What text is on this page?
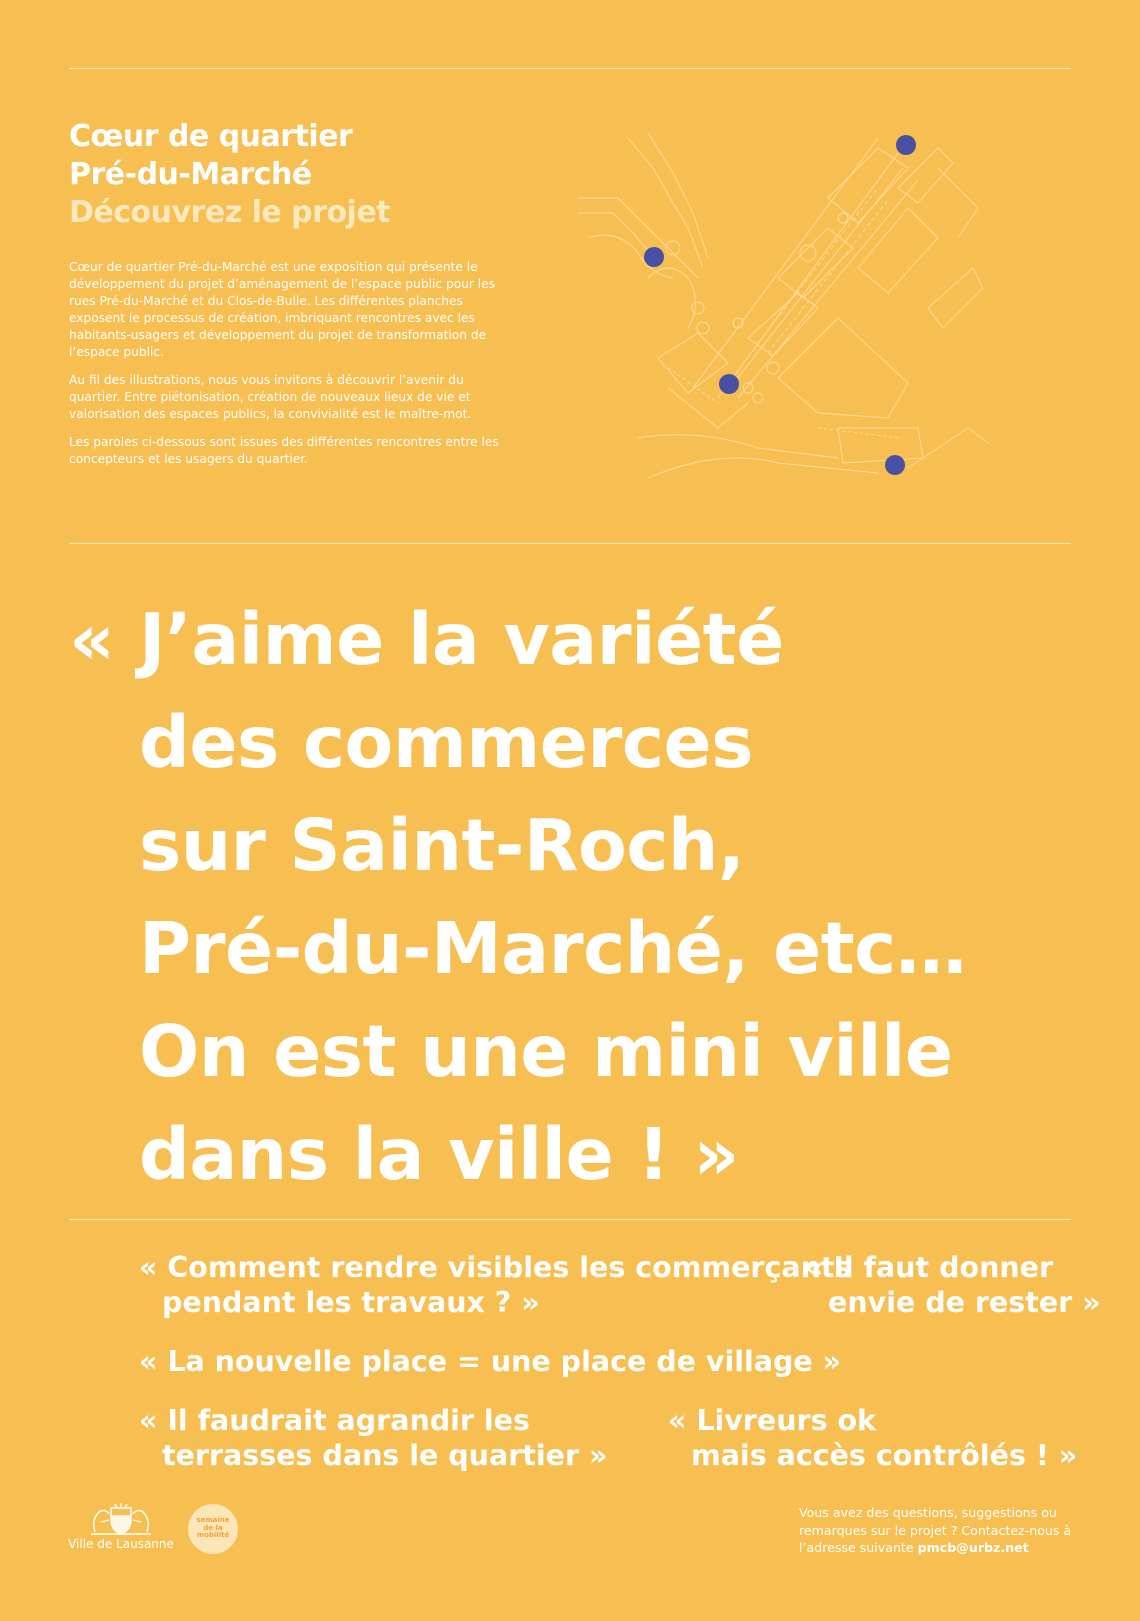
Cœur de quartier
Pré-du-Marché
Découvrez le projet

Cœur de quartier Pré-du-Marché est une exposition qui présente le développement du projet d’aménagement de l’espace public pour les rues Pré-du-Marché et du Clos-de-Bulle. Les différentes planches exposent le processus de création, imbriquant rencontres avec les habitants-usagers et développement du projet de transformation de l’espace public.

Au fil des illustrations, nous vous invitons à découvrir l’avenir du quartier. Entre piétonisation, création de nouveaux lieux de vie et valorisation des espaces publics, la convivialité est le maître-mot.

Les paroles ci-dessous sont issues des différentes rencontres entre les concepteurs et les usagers du quartier.

« J’aime la variété
des commerces
sur Saint-Roch,
Pré-du-Marché, etc…
On est une mini ville
dans la ville ! »
« Comment rendre visibles les commerçants
pendant les travaux ? »
« Il faut donner
envie de rester »
« La nouvelle place = une place de village »
« Il faudrait agrandir les
terrasses dans le quartier »
« Livreurs ok
mais accès contrôlés ! »
Ville de Lausanne
semaine de la mobilité
Vous avez des questions, suggestions ou remarques sur le projet ? Contactez-nous à l’adresse suivante pmcb@urbz.net
